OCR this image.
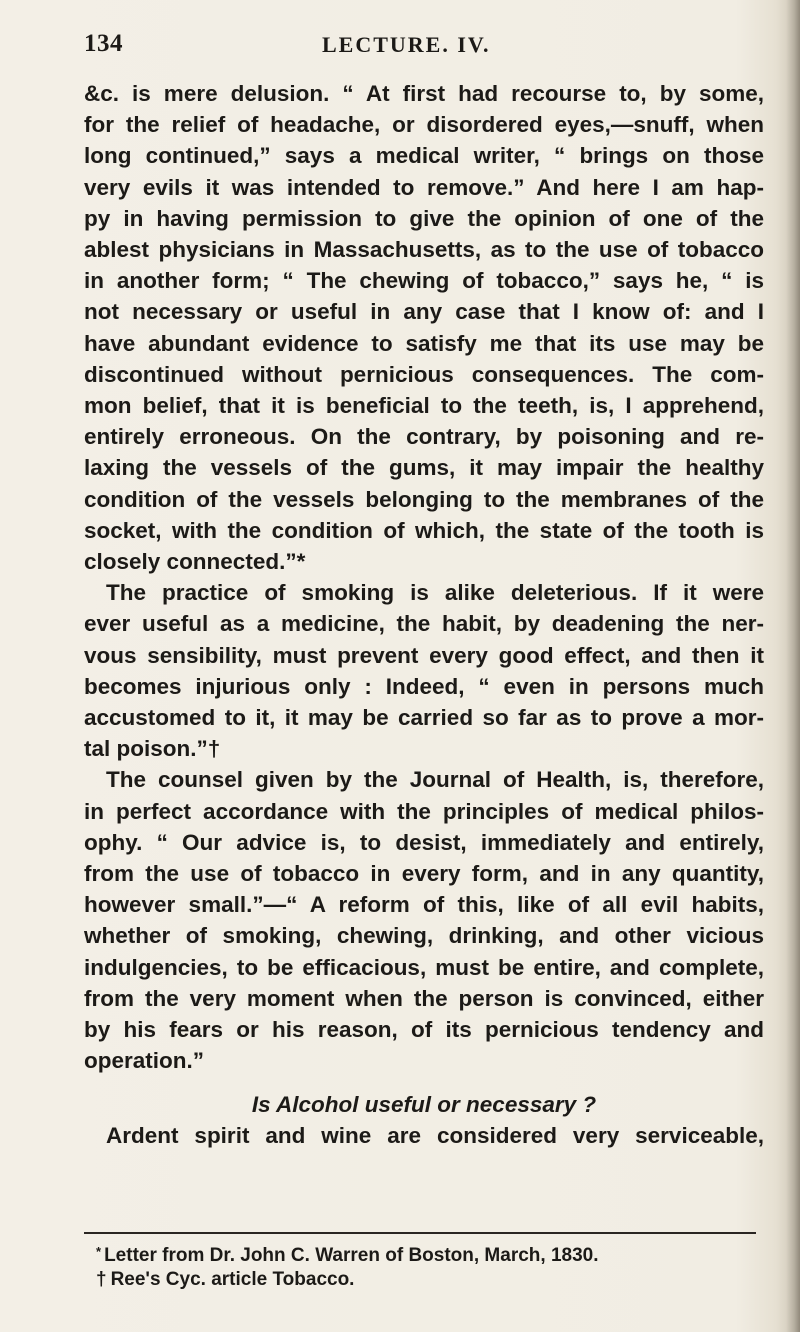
134	LECTURE. IV.
&c. is mere delusion. “ At first had recourse to, by some,
for the relief of headache, or disordered eyes,—snuff, when
long continued,” says a medical writer, “ brings on those
very evils it was intended to remove.” And here I am hap-
py in having permission to give the opinion of one of the
ablest physicians in Massachusetts, as to the use of tobacco
in another form; “ The chewing of tobacco,” says he, “ is
not necessary or useful in any case that I know of: and I
have abundant evidence to satisfy me that its use may be
discontinued without pernicious consequences. The com-
mon belief, that it is beneficial to the teeth, is, I apprehend,
entirely erroneous. On the contrary, by poisoning and re-
laxing the vessels of the gums, it may impair the healthy
condition of the vessels belonging to the membranes of the
socket, with the condition of which, the state of the tooth is
closely connected.”*
The practice of smoking is alike deleterious. If it were
ever useful as a medicine, the habit, by deadening the ner-
vous sensibility, must prevent every good effect, and then it
becomes injurious only : Indeed, “ even in persons much
accustomed to it, it may be carried so far as to prove a mor-
tal poison.”†
The counsel given by the Journal of Health, is, therefore,
in perfect accordance with the principles of medical philos-
ophy. “ Our advice is, to desist, immediately and entirely,
from the use of tobacco in every form, and in any quantity,
however small.”—“ A reform of this, like of all evil habits,
whether of smoking, chewing, drinking, and other vicious
indulgencies, to be efficacious, must be entire, and complete,
from the very moment when the person is convinced, either
by his fears or his reason, of its pernicious tendency and
operation.”
Is Alcohol useful or necessary ?
Ardent spirit and wine are considered very serviceable,
* Letter from Dr. John C. Warren of Boston, March, 1830.
† Ree's Cyc. article Tobacco.
